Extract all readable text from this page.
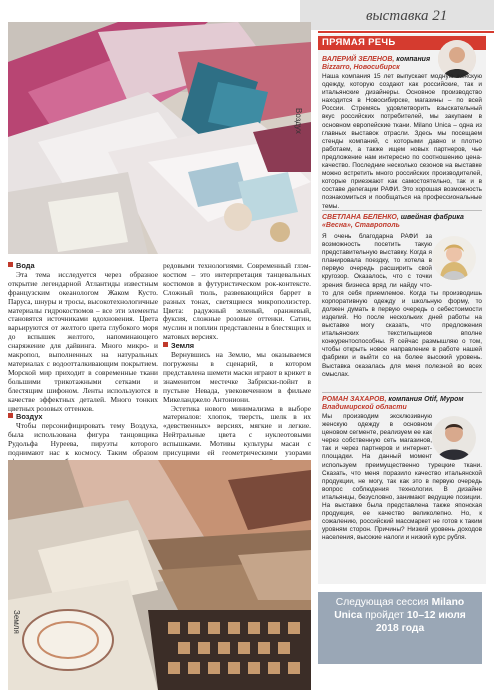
выставка 21
Воздух
Вода

Эта тема исследуется через образное открытие легендарной Атлантиды известным французским океанологом Жаком Кусто. Паруса, шнуры и тросы, высокотехнологичные материалы гидрокостюмов – все эти элементы становятся источниками вдохновения. Цвета варьируются от желтого цвета глубокого моря до вспышек желтого, напоминающего снаряжение для дайвинга. Много микро- и макропол, выполненных на натуральных материалах с водоотталкивающим покрытием. Морской мир приходит в современные ткани большими трикотажными сетками и блестящим шифоном. Ленты используются в качестве эффектных деталей. Много тонких цветных розовых оттенков.

Воздух

Чтобы персонифицировать тему Воздуха, была использована фигура танцовщика Рудольфа Нуреева, пируэты которого поднимают нас к космосу. Таким образом

редовыми технологиями. Современный глэм-костюм – это интерпретация танцевальных костюмов в футуристическом рок-контексте. Сложный тюль, развевающийся баррет в разных тонах, светящиеся микрополиэстер. Цвета: радужный зеленый, оранжевый, фуксия, сложные розовые оттенки. Сатин, муслин и поплин представлены в блестящих и матовых версиях.

Земля

Вернувшись на Землю, мы оказываемся погружены в сценарий, в котором представлена шемети маски играют в крикет в знаменитом местечке Забриски-пойнт в пустыне Невада, увековеченном в фильме Микеланджело Антониони.

Эстетика нового минимализма в выборе материалов: хлопок, тверсть, шелк в их «девственных» версиях, мягкие и легкие. Нейтральные цвета с нуклеотовыми вспышками. Мотивы культуры масаи с присущими ей геометрическими узорами

Земля
ПРЯМАЯ РЕЧЬ
ВАЛЕРИЙ ЗЕЛЕНОВ, компания
Bizzarro, Новосибирск
Наша компания 15 лет выпускает модную женскую одежду, которую создают как российские, так и итальянские дизайнеры. Основное производство находится в Новосибирске, магазины – по всей России. Стремясь удовлетворить взыскательный вкус российских потребителей, мы закупаем в основном европейские ткани. Milano Unica – одна из главных выставок отрасли. Здесь мы посещаем стенды компаний, с которыми давно и плотно работаем, а также ищем новых партнеров, чье предложение нам интересно по соотношению цена-качество. Последние несколько сезонов на выставке можно встретить много российских производителей, которые приезжают как самостоятельно, так и в составе делегации РАФИ. Это хорошая возможность познакомиться и пообщаться на профессиональные темы.
СВЕТЛАНА БЕЛЕНКО, швейная фабрика
«Весна», Ставрополь
Я очень благодарна РАФИ за возможность посетить такую представительную выставку. Когда я планировала поездку, то хотела в первую очередь расширить свой кругозор. Оказалось, что с точки зрения бизнеса вряд ли найду что-то для себя приемлемое. Когда ты производишь корпоративную одежду и школьную форму, то должен думать в первую очередь о себестоимости изделий. Но после нескольких дней работы на выставке могу сказать, что предложения итальянских текстильщиков вполне конкурентоспособны. Я сейчас размышляю о том, чтобы открыть новое направление в работе нашей фабрики и выйти со на более высокий уровень. Выставка оказалась для меня полезной во всех смыслах.
РОМАН ЗАХАРОВ, компания Otif, Муром
Владимирской области
Мы производим эксклюзивную женскую одежду в основном ценовом сегменте, реализуем ее как через собственную сеть магазинов, так и через партнеров и интернет-площадки. На данный момент используем преимущественно турецкие ткани. Сказать, что меня поразило качество итальянской продукции, не могу, так как это в первую очередь вопрос соблюдения технологии. В дизайне итальянцы, безусловно, занимают ведущие позиции. На выставке была представлена также японская продукция, ее качество великолепно. Но, к сожалению, российский массмаркет не готов к таким уровням сторон. Причины? Низкий уровень доходов населения, высокие налоги и низкий курс рубля.
Следующая сессия Milano Unica пройдет 10–12 июля 2018 года
